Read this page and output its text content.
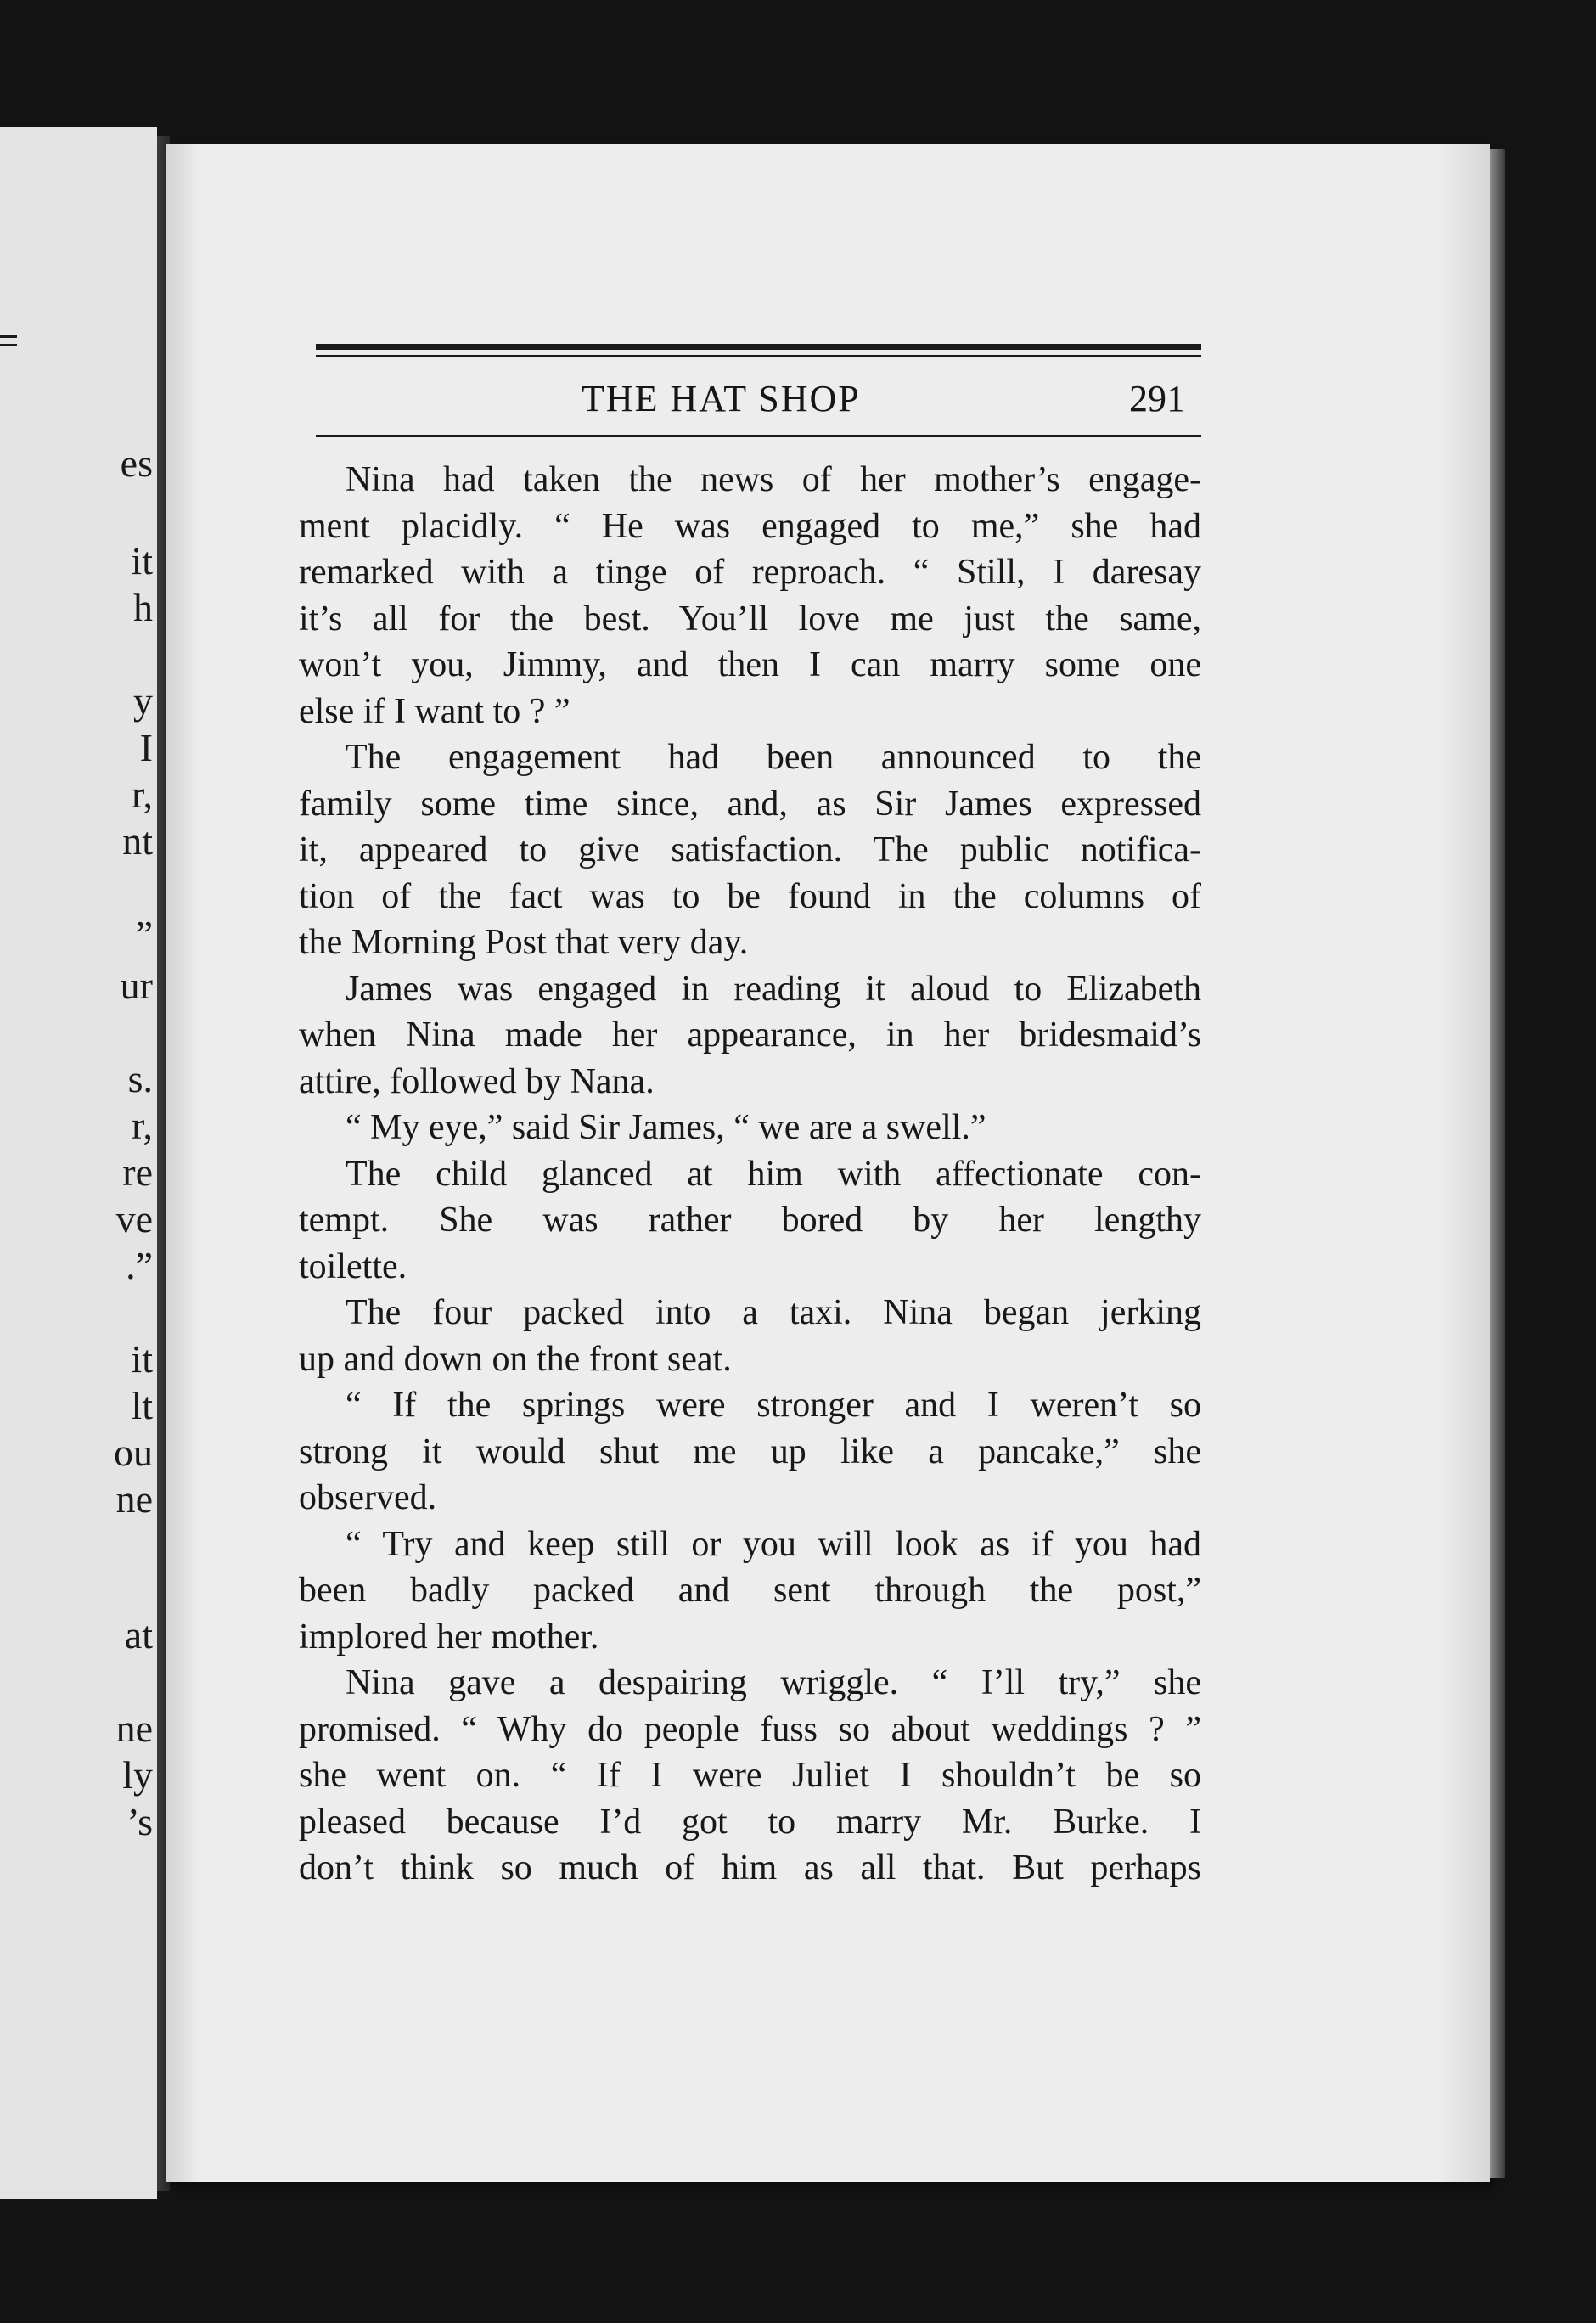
es
it
h
y
I
r,
nt
”
ur
s.
r,
re
ve
.”
it
lt
ou
ne
at
ne
ly
’s
THE HAT SHOP	291
Nina had taken the news of her mother’s engage-
ment placidly. “ He was engaged to me,” she had
remarked with a tinge of reproach. “ Still, I daresay
it’s all for the best. You’ll love me just the same,
won’t you, Jimmy, and then I can marry some one
else if I want to ? ”
The engagement had been announced to the
family some time since, and, as Sir James expressed
it, appeared to give satisfaction. The public notifica-
tion of the fact was to be found in the columns of
the Morning Post that very day.
James was engaged in reading it aloud to Elizabeth
when Nina made her appearance, in her bridesmaid’s
attire, followed by Nana.
“ My eye,” said Sir James, “ we are a swell.”
The child glanced at him with affectionate con-
tempt. She was rather bored by her lengthy
toilette.
The four packed into a taxi. Nina began jerking
up and down on the front seat.
“ If the springs were stronger and I weren’t so
strong it would shut me up like a pancake,” she
observed.
“ Try and keep still or you will look as if you had
been badly packed and sent through the post,”
implored her mother.
Nina gave a despairing wriggle. “ I’ll try,” she
promised. “ Why do people fuss so about weddings ? ”
she went on. “ If I were Juliet I shouldn’t be so
pleased because I’d got to marry Mr. Burke. I
don’t think so much of him as all that. But perhaps
